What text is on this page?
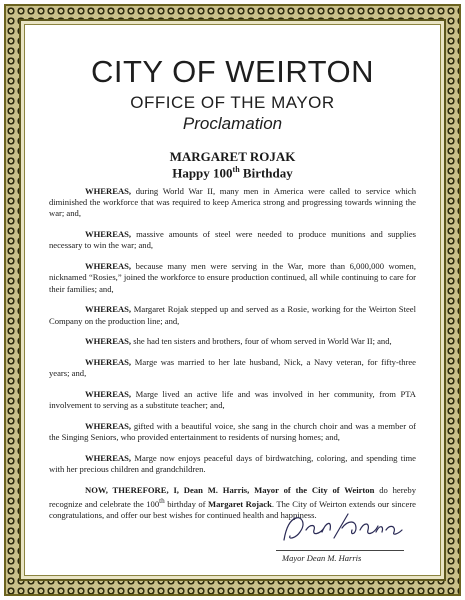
CITY OF WEIRTON
OFFICE OF THE MAYOR
Proclamation
MARGARET ROJAK
Happy 100th Birthday

WHEREAS, during World War II, many men in America were called to service which diminished the workforce that was required to keep America strong and progressing towards winning the war; and,

WHEREAS, massive amounts of steel were needed to produce munitions and supplies necessary to win the war; and,

WHEREAS, because many men were serving in the War, more than 6,000,000 women, nicknamed “Rosies,” joined the workforce to ensure production continued, all while continuing to care for their families; and,

WHEREAS, Margaret Rojak stepped up and served as a Rosie, working for the Weirton Steel Company on the production line; and,

WHEREAS, she had ten sisters and brothers, four of whom served in World War II; and,

WHEREAS, Marge was married to her late husband, Nick, a Navy veteran, for fifty-three years; and,

WHEREAS, Marge lived an active life and was involved in her community, from PTA involvement to serving as a substitute teacher; and,

WHEREAS, gifted with a beautiful voice, she sang in the church choir and was a member of the Singing Seniors, who provided entertainment to residents of nursing homes; and,

WHEREAS, Marge now enjoys peaceful days of birdwatching, coloring, and spending time with her precious children and grandchildren.

NOW, THEREFORE, I, Dean M. Harris, Mayor of the City of Weirton do hereby recognize and celebrate the 100th birthday of Margaret Rojack. The City of Weirton extends our sincere congratulations, and offer our best wishes for continued health and happiness.

Mayor Dean M. Harris
